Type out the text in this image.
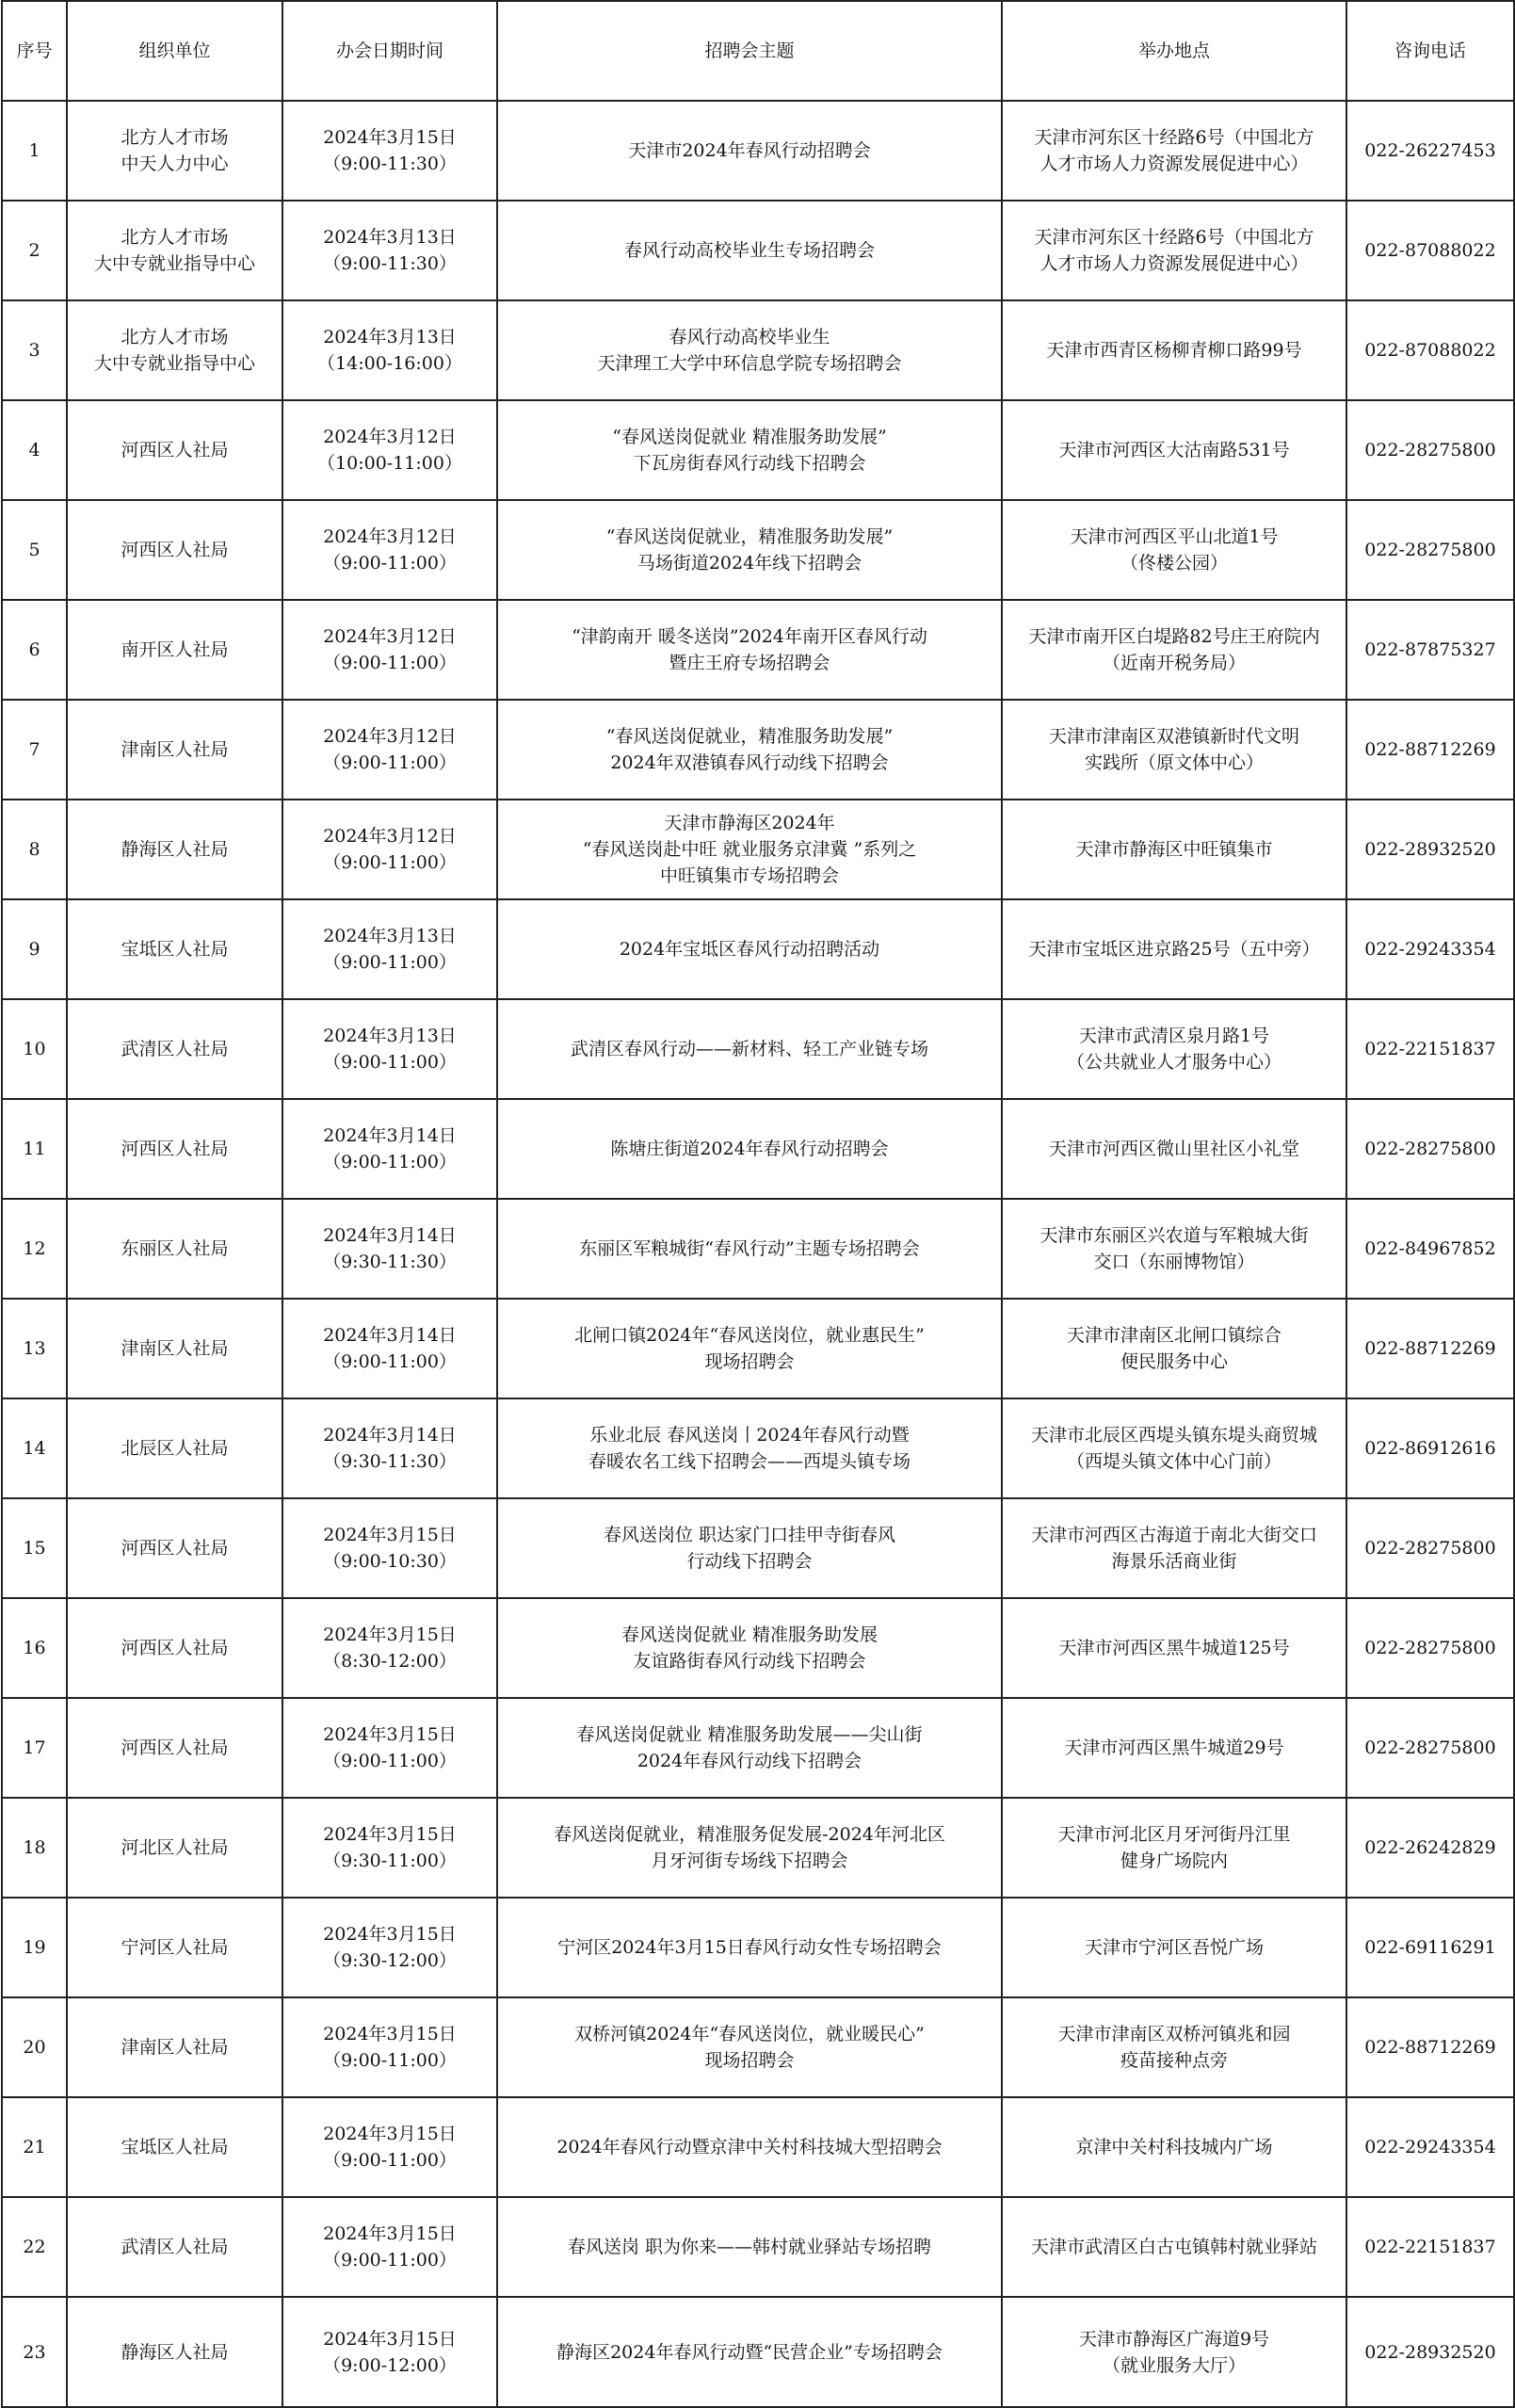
序号	组织单位	办会日期时间	招聘会主题	举办地点	咨询电话

1	北方人才市场
中天人力中心	2024年3月15日
（9:00-11:30）	天津市2024年春风行动招聘会	天津市河东区十经路6号（中国北方
人才市场人力资源发展促进中心）	022-26227453

2	北方人才市场
大中专就业指导中心	2024年3月13日
（9:00-11:30）	春风行动高校毕业生专场招聘会	天津市河东区十经路6号（中国北方
人才市场人力资源发展促进中心）	022-87088022

3	北方人才市场
大中专就业指导中心	2024年3月13日
（14:00-16:00）	春风行动高校毕业生
天津理工大学中环信息学院专场招聘会	天津市西青区杨柳青柳口路99号	022-87088022

4	河西区人社局	2024年3月12日
（10:00-11:00）	“春风送岗促就业 精准服务助发展”
下瓦房街春风行动线下招聘会	天津市河西区大沽南路531号	022-28275800

5	河西区人社局	2024年3月12日
（9:00-11:00）	“春风送岗促就业，精准服务助发展”
马场街道2024年线下招聘会	天津市河西区平山北道1号
（佟楼公园）	022-28275800

6	南开区人社局	2024年3月12日
（9:00-11:00）	“津韵南开 暖冬送岗”2024年南开区春风行动
暨庄王府专场招聘会	天津市南开区白堤路82号庄王府院内
（近南开税务局）	022-87875327

7	津南区人社局	2024年3月12日
（9:00-11:00）	“春风送岗促就业，精准服务助发展”
2024年双港镇春风行动线下招聘会	天津市津南区双港镇新时代文明
实践所（原文体中心）	022-88712269

8	静海区人社局	2024年3月12日
（9:00-11:00）	天津市静海区2024年
“春风送岗赴中旺 就业服务京津冀 ”系列之
中旺镇集市专场招聘会	天津市静海区中旺镇集市	022-28932520

9	宝坻区人社局	2024年3月13日
（9:00-11:00）	2024年宝坻区春风行动招聘活动	天津市宝坻区进京路25号（五中旁）	022-29243354

10	武清区人社局	2024年3月13日
（9:00-11:00）	武清区春风行动——新材料、轻工产业链专场	天津市武清区泉月路1号
（公共就业人才服务中心）	022-22151837

11	河西区人社局	2024年3月14日
（9:00-11:00）	陈塘庄街道2024年春风行动招聘会	天津市河西区微山里社区小礼堂	022-28275800

12	东丽区人社局	2024年3月14日
（9:30-11:30）	东丽区军粮城街“春风行动”主题专场招聘会	天津市东丽区兴农道与军粮城大街
交口（东丽博物馆）	022-84967852

13	津南区人社局	2024年3月14日
（9:00-11:00）	北闸口镇2024年“春风送岗位，就业惠民生”
现场招聘会	天津市津南区北闸口镇综合
便民服务中心	022-88712269

14	北辰区人社局	2024年3月14日
（9:30-11:30）	乐业北辰 春风送岗丨2024年春风行动暨
春暖农名工线下招聘会——西堤头镇专场	天津市北辰区西堤头镇东堤头商贸城
（西堤头镇文体中心门前）	022-86912616

15	河西区人社局	2024年3月15日
（9:00-10:30）	春风送岗位 职达家门口挂甲寺街春风
行动线下招聘会	天津市河西区古海道于南北大街交口
海景乐活商业街	022-28275800

16	河西区人社局	2024年3月15日
（8:30-12:00）	春风送岗促就业 精准服务助发展
友谊路街春风行动线下招聘会	天津市河西区黑牛城道125号	022-28275800

17	河西区人社局	2024年3月15日
（9:00-11:00）	春风送岗促就业 精准服务助发展——尖山街
2024年春风行动线下招聘会	天津市河西区黑牛城道29号	022-28275800

18	河北区人社局	2024年3月15日
（9:30-11:00）	春风送岗促就业，精准服务促发展-2024年河北区
月牙河街专场线下招聘会	天津市河北区月牙河街丹江里
健身广场院内	022-26242829

19	宁河区人社局	2024年3月15日
（9:30-12:00）	宁河区2024年3月15日春风行动女性专场招聘会	天津市宁河区吾悦广场	022-69116291

20	津南区人社局	2024年3月15日
（9:00-11:00）	双桥河镇2024年“春风送岗位，就业暖民心”
现场招聘会	天津市津南区双桥河镇兆和园
疫苗接种点旁	022-88712269

21	宝坻区人社局	2024年3月15日
（9:00-11:00）	2024年春风行动暨京津中关村科技城大型招聘会	京津中关村科技城内广场	022-29243354

22	武清区人社局	2024年3月15日
（9:00-11:00）	春风送岗 职为你来——韩村就业驿站专场招聘	天津市武清区白古屯镇韩村就业驿站	022-22151837

23	静海区人社局	2024年3月15日
（9:00-12:00）	静海区2024年春风行动暨“民营企业”专场招聘会	天津市静海区广海道9号
（就业服务大厅）	022-28932520
